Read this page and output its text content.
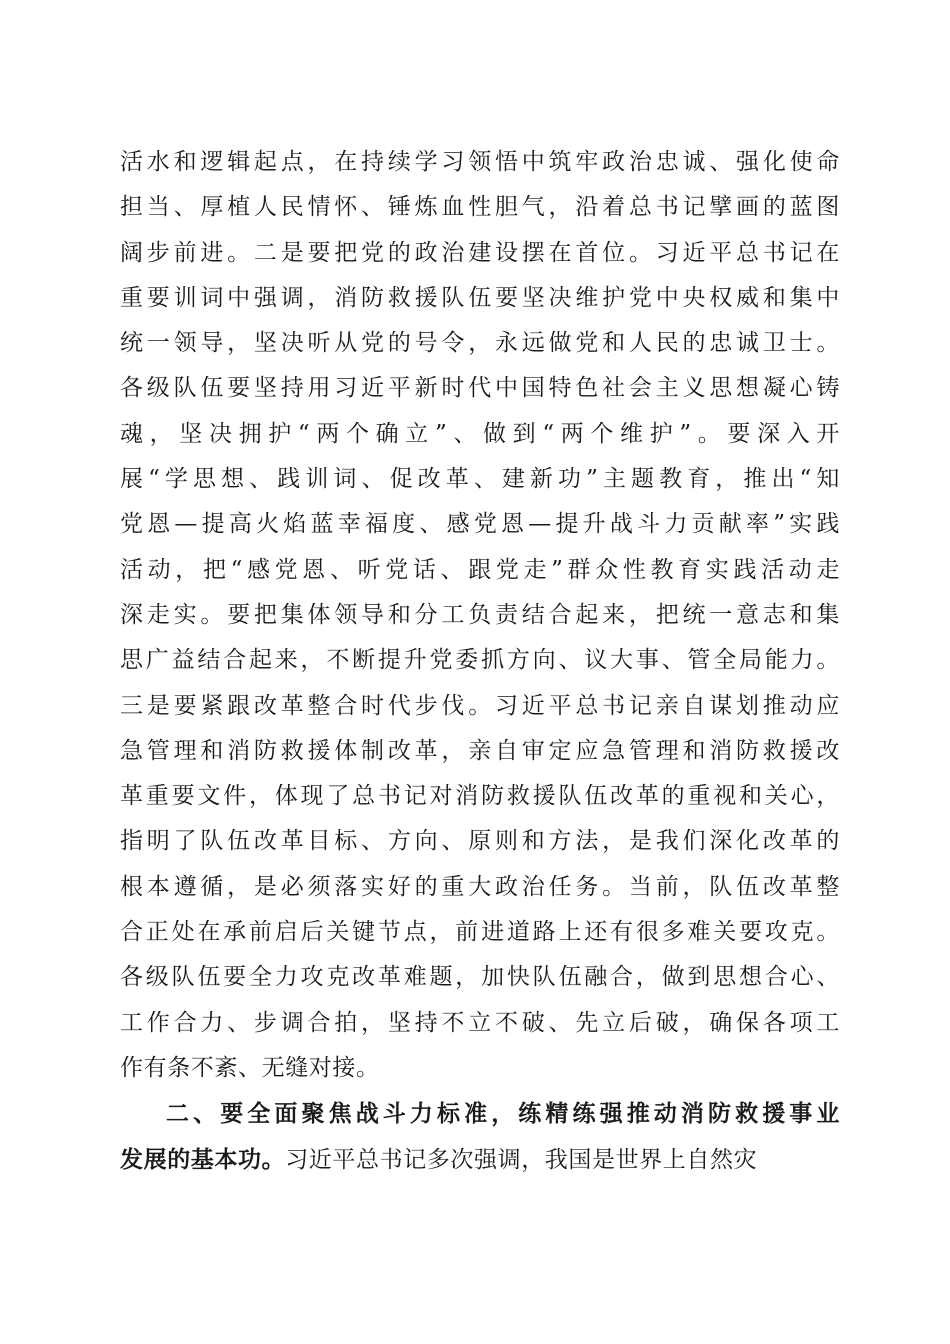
活水和逻辑起点，在持续学习领悟中筑牢政治忠诚、强化使命
担当、厚植人民情怀、锤炼血性胆气，沿着总书记擘画的蓝图
阔步前进。二是要把党的政治建设摆在首位。习近平总书记在
重要训词中强调，消防救援队伍要坚决维护党中央权威和集中
统一领导，坚决听从党的号令，永远做党和人民的忠诚卫士。
各级队伍要坚持用习近平新时代中国特色社会主义思想凝心铸
魂，坚决拥护“两个确立”、做到“两个维护”。要深入开
展“学思想、践训词、促改革、建新功”主题教育，推出“知
党恩—提高火焰蓝幸福度、感党恩—提升战斗力贡献率”实践
活动，把“感党恩、听党话、跟党走”群众性教育实践活动走
深走实。要把集体领导和分工负责结合起来，把统一意志和集
思广益结合起来，不断提升党委抓方向、议大事、管全局能力。
三是要紧跟改革整合时代步伐。习近平总书记亲自谋划推动应
急管理和消防救援体制改革，亲自审定应急管理和消防救援改
革重要文件，体现了总书记对消防救援队伍改革的重视和关心，
指明了队伍改革目标、方向、原则和方法，是我们深化改革的
根本遵循，是必须落实好的重大政治任务。当前，队伍改革整
合正处在承前启后关键节点，前进道路上还有很多难关要攻克。
各级队伍要全力攻克改革难题，加快队伍融合，做到思想合心、
工作合力、步调合拍，坚持不立不破、先立后破，确保各项工
作有条不紊、无缝对接。
二、要全面聚焦战斗力标准，练精练强推动消防救援事业
发展的基本功。习近平总书记多次强调，我国是世界上自然灾
